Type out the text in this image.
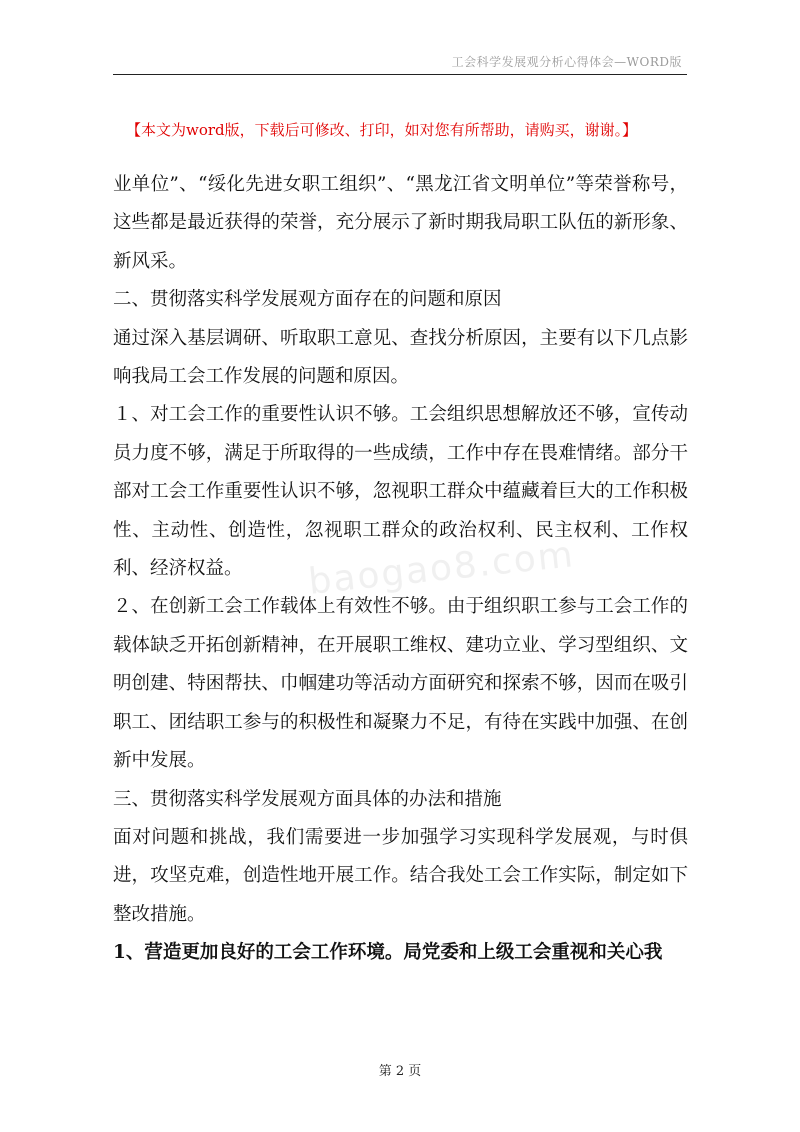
工会科学发展观分析心得体会—WORD版
【本文为word版，下载后可修改、打印，如对您有所帮助，请购买，谢谢。】
baogao8.com

业单位”、“绥化先进女职工组织”、“黑龙江省文明单位”等荣誉称号，这些都是最近获得的荣誉，充分展示了新时期我局职工队伍的新形象、新风采。

二、贯彻落实科学发展观方面存在的问题和原因

通过深入基层调研、听取职工意见、查找分析原因，主要有以下几点影响我局工会工作发展的问题和原因。

１、对工会工作的重要性认识不够。工会组织思想解放还不够，宣传动员力度不够，满足于所取得的一些成绩，工作中存在畏难情绪。部分干部对工会工作重要性认识不够，忽视职工群众中蕴藏着巨大的工作积极性、主动性、创造性，忽视职工群众的政治权利、民主权利、工作权利、经济权益。

２、在创新工会工作载体上有效性不够。由于组织职工参与工会工作的载体缺乏开拓创新精神，在开展职工维权、建功立业、学习型组织、文明创建、特困帮扶、巾帼建功等活动方面研究和探索不够，因而在吸引职工、团结职工参与的积极性和凝聚力不足，有待在实践中加强、在创新中发展。

三、贯彻落实科学发展观方面具体的办法和措施

面对问题和挑战，我们需要进一步加强学习实现科学发展观，与时俱进，攻坚克难，创造性地开展工作。结合我处工会工作实际，制定如下整改措施。

1、营造更加良好的工会工作环境。局党委和上级工会重视和关心我

第 2 页
